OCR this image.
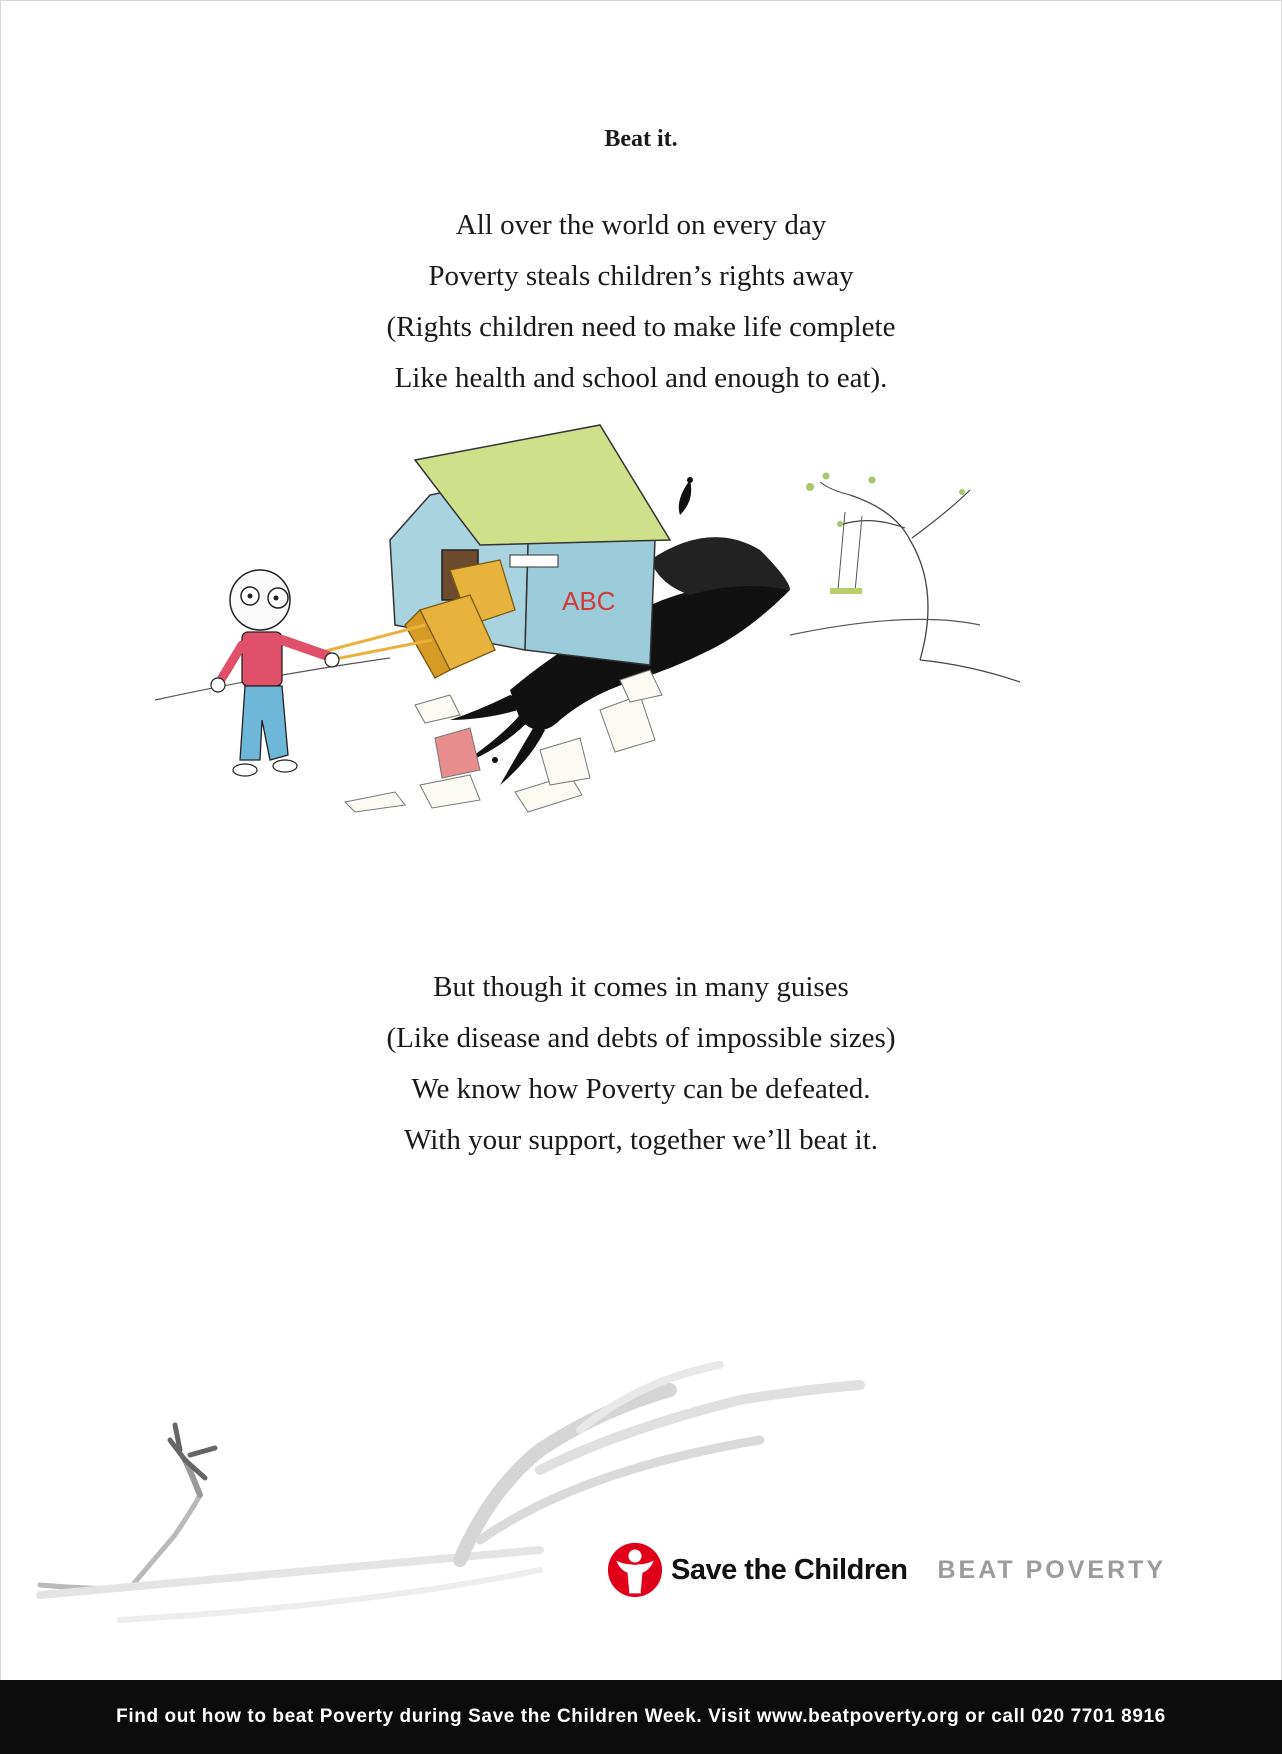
Beat it.
All over the world on every day
Poverty steals children’s rights away
(Rights children need to make life complete
Like health and school and enough to eat).
ABC
But though it comes in many guises
(Like disease and debts of impossible sizes)
We know how Poverty can be defeated.
With your support, together we’ll beat it.
Save the Children BEAT POVERTY
Find out how to beat Poverty during Save the Children Week. Visit www.beatpoverty.org or call 020 7701 8916
